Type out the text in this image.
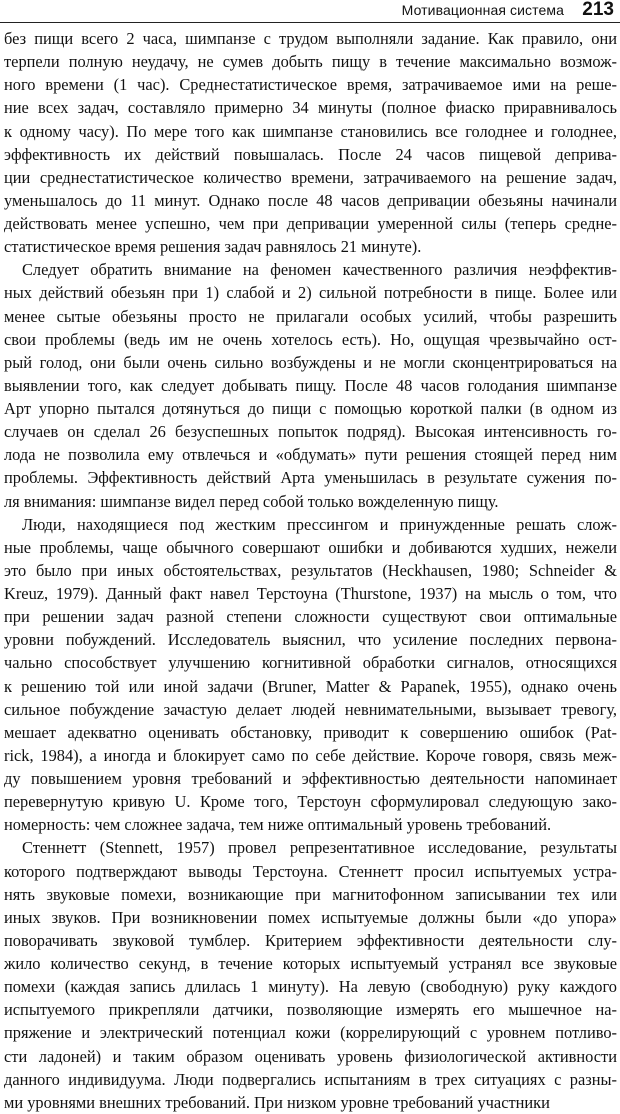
Мотивационная система 213
без пищи всего 2 часа, шимпанзе с трудом выполняли задание. Как правило, они
терпели полную неудачу, не сумев добыть пищу в течение максимально возмож-
ного времени (1 час). Среднестатистическое время, затрачиваемое ими на реше-
ние всех задач, составляло примерно 34 минуты (полное фиаско приравнивалось
к одному часу). По мере того как шимпанзе становились все голоднее и голоднее,
эффективность их действий повышалась. После 24 часов пищевой деприва-
ции среднестатистическое количество времени, затрачиваемого на решение задач,
уменьшалось до 11 минут. Однако после 48 часов депривации обезьяны начинали
действовать менее успешно, чем при депривации умеренной силы (теперь средне-
статистическое время решения задач равнялось 21 минуте).
Следует обратить внимание на феномен качественного различия неэффектив-
ных действий обезьян при 1) слабой и 2) сильной потребности в пище. Более или
менее сытые обезьяны просто не прилагали особых усилий, чтобы разрешить
свои проблемы (ведь им не очень хотелось есть). Но, ощущая чрезвычайно ост-
рый голод, они были очень сильно возбуждены и не могли сконцентрироваться на
выявлении того, как следует добывать пищу. После 48 часов голодания шимпанзе
Арт упорно пытался дотянуться до пищи с помощью короткой палки (в одном из
случаев он сделал 26 безуспешных попыток подряд). Высокая интенсивность го-
лода не позволила ему отвлечься и «обдумать» пути решения стоящей перед ним
проблемы. Эффективность действий Арта уменьшилась в результате сужения по-
ля внимания: шимпанзе видел перед собой только вожделенную пищу.
Люди, находящиеся под жестким прессингом и принужденные решать слож-
ные проблемы, чаще обычного совершают ошибки и добиваются худших, нежели
это было при иных обстоятельствах, результатов (Heckhausen, 1980; Schneider &
Kreuz, 1979). Данный факт навел Терстоуна (Thurstone, 1937) на мысль о том, что
при решении задач разной степени сложности существуют свои оптимальные
уровни побуждений. Исследователь выяснил, что усиление последних первона-
чально способствует улучшению когнитивной обработки сигналов, относящихся
к решению той или иной задачи (Bruner, Matter & Papanek, 1955), однако очень
сильное побуждение зачастую делает людей невнимательными, вызывает тревогу,
мешает адекватно оценивать обстановку, приводит к совершению ошибок (Pat-
rick, 1984), а иногда и блокирует само по себе действие. Короче говоря, связь меж-
ду повышением уровня требований и эффективностью деятельности напоминает
перевернутую кривую U. Кроме того, Терстоун сформулировал следующую зако-
номерность: чем сложнее задача, тем ниже оптимальный уровень требований.
Стеннетт (Stennett, 1957) провел репрезентативное исследование, результаты
которого подтверждают выводы Терстоуна. Стеннетт просил испытуемых устра-
нять звуковые помехи, возникающие при магнитофонном записывании тех или
иных звуков. При возникновении помех испытуемые должны были «до упора»
поворачивать звуковой тумблер. Критерием эффективности деятельности слу-
жило количество секунд, в течение которых испытуемый устранял все звуковые
помехи (каждая запись длилась 1 минуту). На левую (свободную) руку каждого
испытуемого прикрепляли датчики, позволяющие измерять его мышечное на-
пряжение и электрический потенциал кожи (коррелирующий с уровнем потливо-
сти ладоней) и таким образом оценивать уровень физиологической активности
данного индивидуума. Люди подвергались испытаниям в трех ситуациях с разны-
ми уровнями внешних требований. При низком уровне требований участники
